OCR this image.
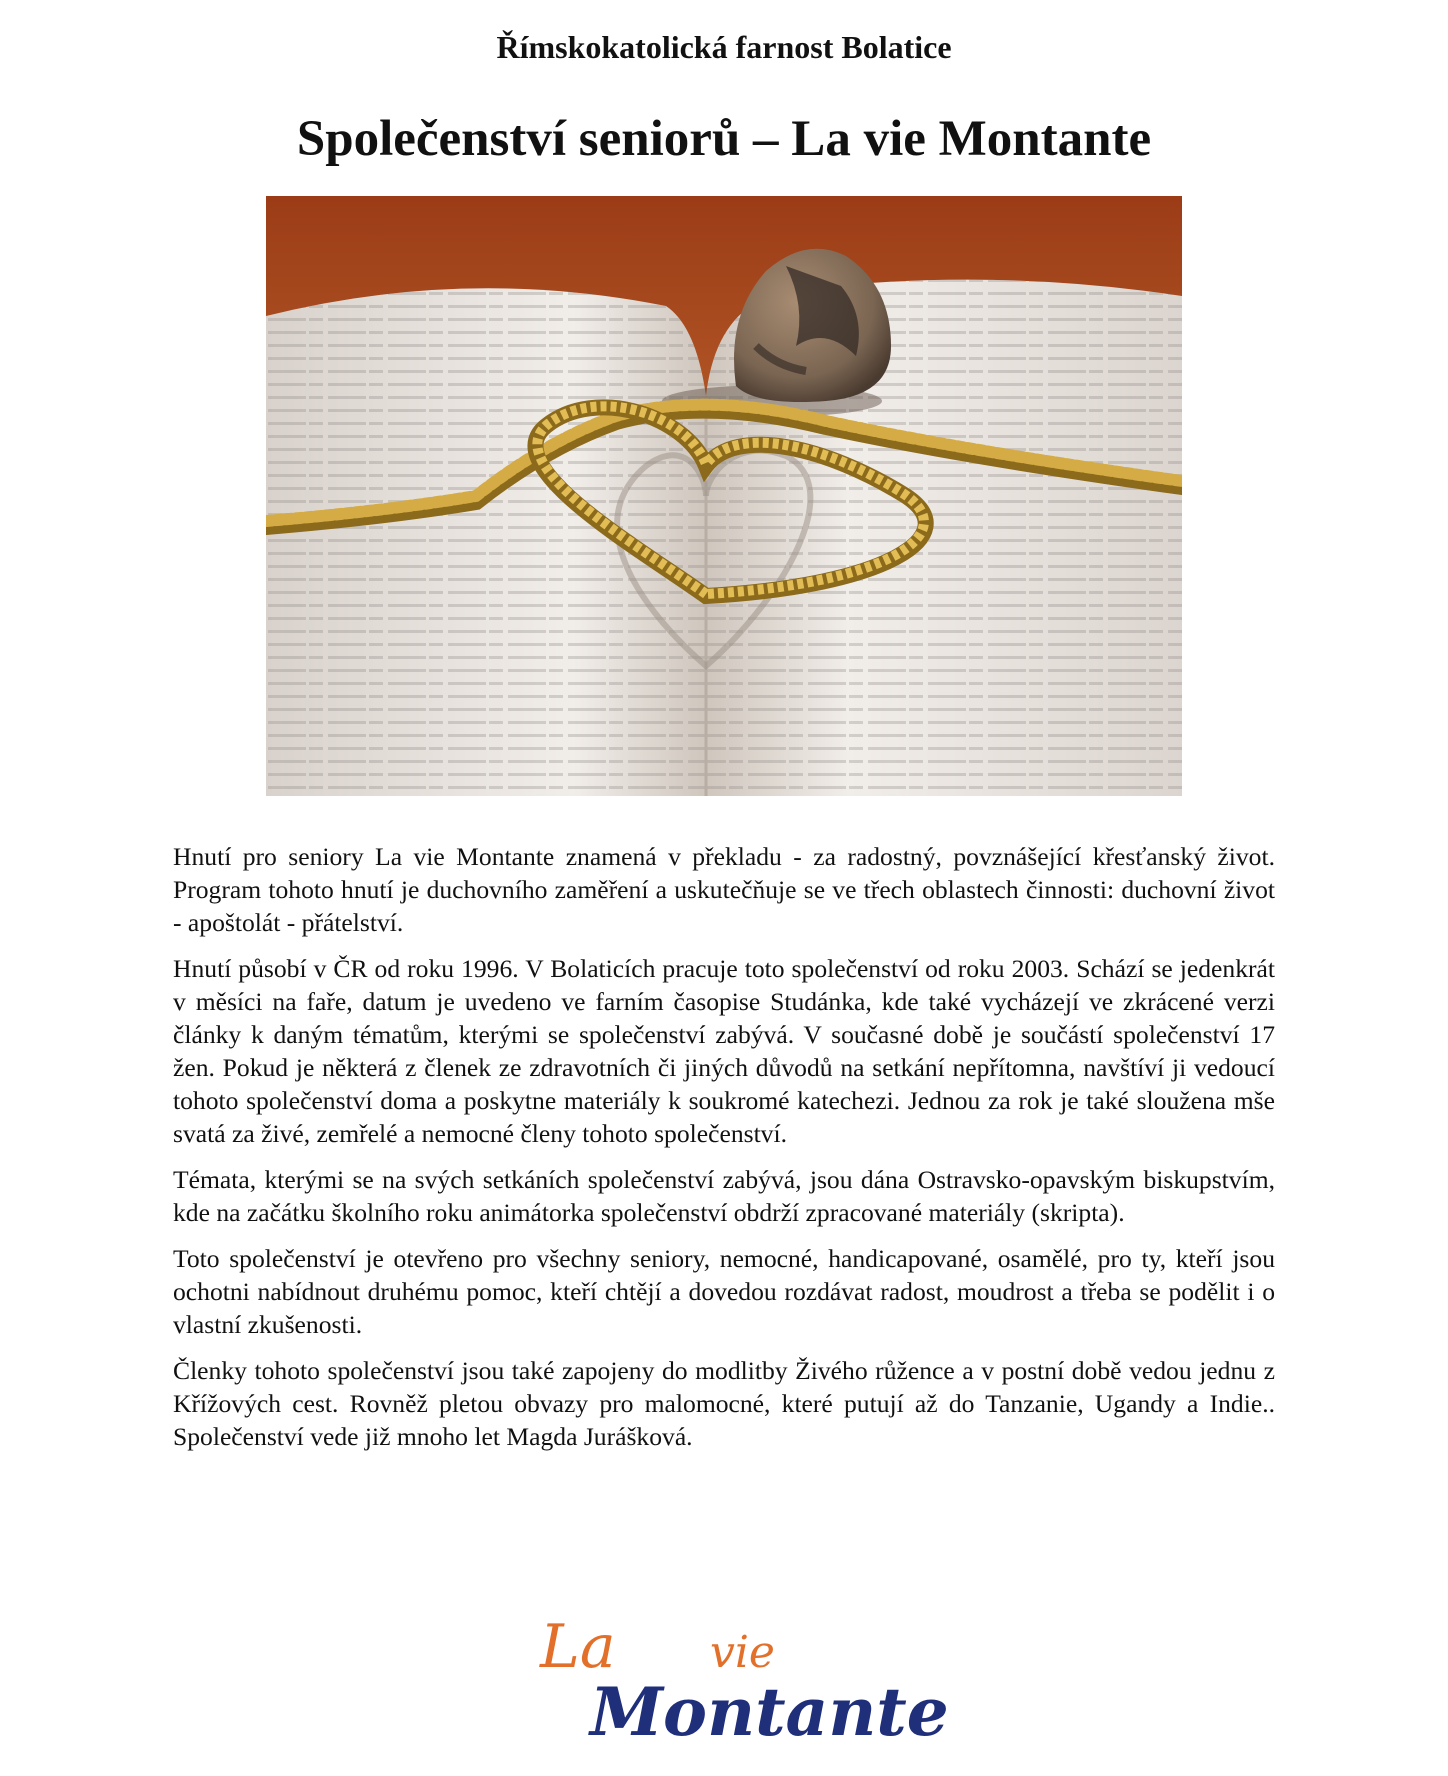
Římskokatolická farnost Bolatice
Společenství seniorů – La vie Montante

Hnutí pro seniory La vie Montante znamená v překladu - za radostný, povznášející křesťanský život. Program tohoto hnutí je duchovního zaměření a uskutečňuje se ve třech oblastech činnosti: duchovní život - apoštolát - přátelství.

Hnutí působí v ČR od roku 1996. V Bolaticích pracuje toto společenství od roku 2003. Schází se jedenkrát v měsíci na faře, datum je uvedeno ve farním časopise Studánka, kde také vycházejí ve zkrácené verzi články k daným tématům, kterými se společenství zabývá. V současné době je součástí společenství 17 žen. Pokud je některá z členek ze zdravotních či jiných důvodů na setkání nepřítomna, navštíví ji vedoucí tohoto společenství doma a poskytne materiály k soukromé katechezi. Jednou za rok je také sloužena mše svatá za živé, zemřelé a nemocné členy tohoto společenství.

Témata, kterými se na svých setkáních společenství zabývá, jsou dána Ostravsko-opavským biskupstvím, kde na začátku školního roku animátorka společenství obdrží zpracované materiály (skripta).

Toto společenství je otevřeno pro všechny seniory, nemocné, handicapované, osamělé, pro ty, kteří jsou ochotni nabídnout druhému pomoc, kteří chtějí a dovedou rozdávat radost, moudrost a třeba se podělit i o vlastní zkušenosti.

Členky tohoto společenství jsou také zapojeny do modlitby Živého růžence a v postní době vedou jednu z Křížových cest. Rovněž pletou obvazy pro malomocné, které putují až do Tanzanie, Ugandy a Indie.. Společenství vede již mnoho let Magda Jurášková.

La vie
Montante
